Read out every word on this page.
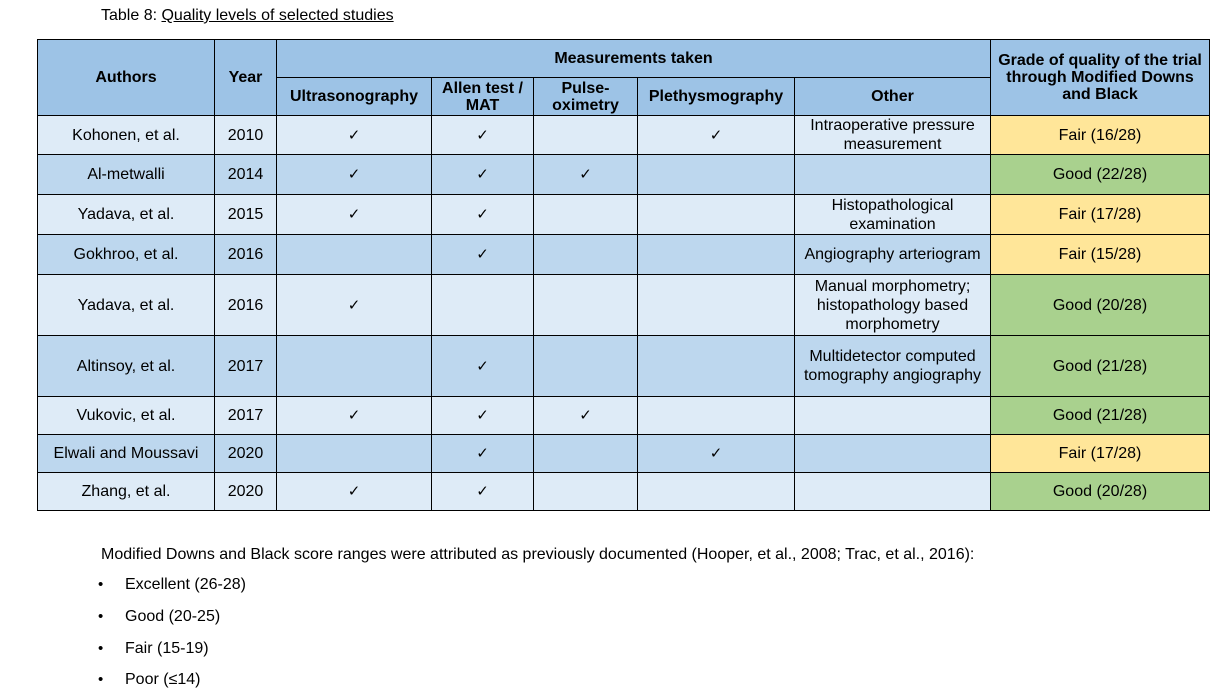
Table 8: Quality levels of selected studies
Authors	Year	Measurements taken					Grade of quality of the trial through Modified Downs and Black
		Ultrasonography	Allen test / MAT	Pulse-oximetry	Plethysmography	Other	
Kohonen, et al.	2010	✓	✓		✓	Intraoperative pressure measurement	Fair (16/28)
Al-metwalli	2014	✓	✓	✓			Good (22/28)
Yadava, et al.	2015	✓	✓			Histopathological examination	Fair (17/28)
Gokhroo, et al.	2016		✓			Angiography arteriogram	Fair (15/28)
Yadava, et al.	2016	✓				Manual morphometry; histopathology based morphometry	Good (20/28)
Altinsoy, et al.	2017		✓			Multidetector computed tomography angiography	Good (21/28)
Vukovic, et al.	2017	✓	✓	✓			Good (21/28)
Elwali and Moussavi	2020		✓		✓		Fair (17/28)
Zhang, et al.	2020	✓	✓				Good (20/28)

Modified Downs and Black score ranges were attributed as previously documented (Hooper, et al., 2008; Trac, et al., 2016):

• Excellent (26-28)
• Good (20-25)
• Fair (15-19)
• Poor (≤14)
